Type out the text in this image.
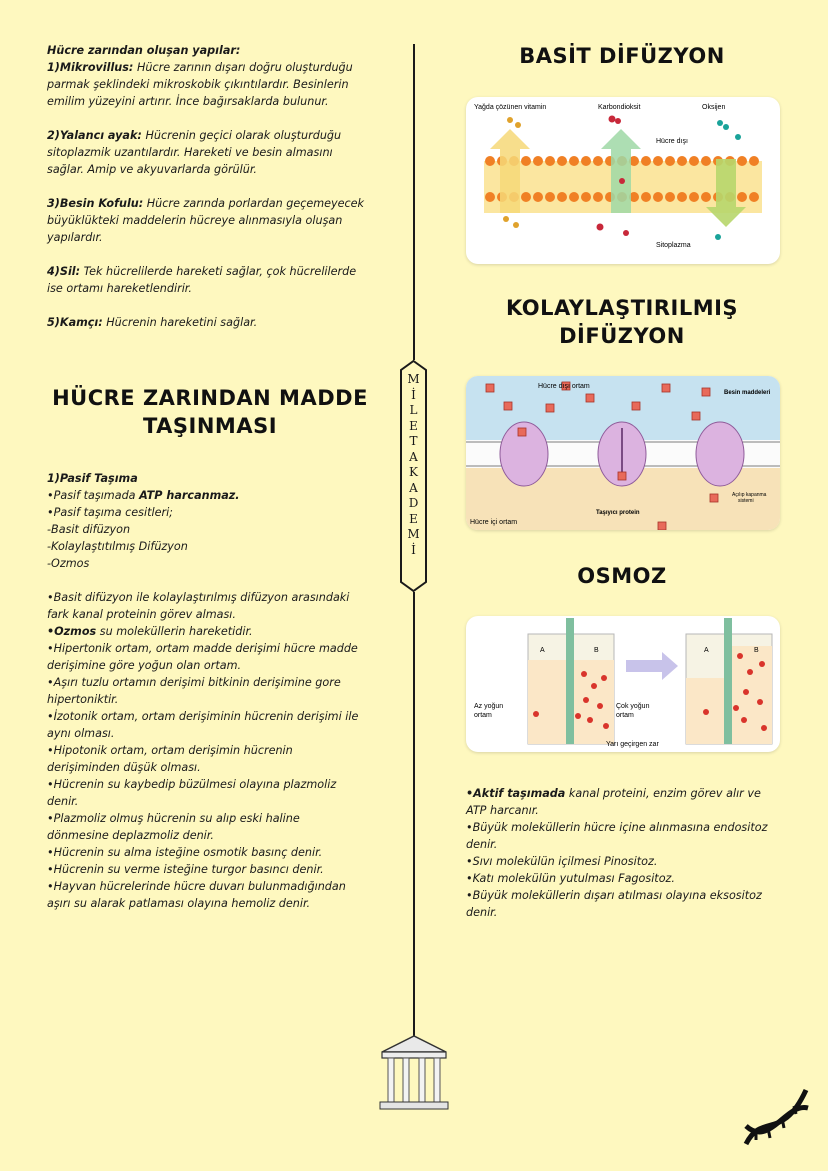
Hücre zarından oluşan yapılar:

1)Mikrovillus: Hücre zarının dışarı doğru oluşturduğu parmak şeklindeki mikroskobik çıkıntılardır. Besinlerin emilim yüzeyini artırır. İnce bağırsaklarda bulunur.

2)Yalancı ayak: Hücrenin geçici olarak oluşturduğu sitoplazmik uzantılardır. Hareketi ve besin almasını sağlar. Amip ve akyuvarlarda görülür.

3)Besin Kofulu: Hücre zarında porlardan geçemeyecek büyüklükteki maddelerin hücreye alınmasıyla oluşan yapılardır.

4)Sil: Tek hücrelilerde hareketi sağlar, çok hücrelilerde ise ortamı hareketlendirir.

5)Kamçı: Hücrenin hareketini sağlar.

HÜCRE ZARINDAN MADDE
TAŞINMASI

1)Pasif Taşıma

•Pasif taşımada ATP harcanmaz.

•Pasif taşıma cesitleri;

-Basit difüzyon

-Kolaylaştıtılmış Difüzyon

-Ozmos

•Basit difüzyon ile kolaylaştırılmış difüzyon arasındaki fark kanal proteinin görev alması.

•Ozmos su moleküllerin hareketidir.

•Hipertonik ortam, ortam madde derişimi hücre madde derişimine göre yoğun olan ortam.

•Aşırı tuzlu ortamın derişimi bitkinin derişimine gore hipertoniktir.

•İzotonik ortam, ortam derişiminin hücrenin derişimi ile aynı olması.

•Hipotonik ortam, ortam derişimin hücrenin derişiminden düşük olması.

•Hücrenin su kaybedip büzülmesi olayına plazmoliz denir.

•Plazmoliz olmuş hücrenin su alıp eski haline dönmesine deplazmoliz denir.

•Hücrenin su alma isteğine osmotik basınç denir.

•Hücrenin su verme isteğine turgor basıncı denir.

•Hayvan hücrelerinde hücre duvarı bulunmadığından aşırı su alarak patlaması olayına hemoliz denir.

M
İ
L
E
T
A
K
A
D
E
M
İ
BASİT DİFÜZYON
Yağda çözünen vitamin	Karbondioksit	Oksijen
Hücre dışı
Sitoplazma
KOLAYLAŞTIRILMIŞ
DİFÜZYON
Hücre dışı ortam
Besin maddeleri
Hücre içi ortam
Taşıyıcı protein
Açılıp kapanma
sistemi
OSMOZ
A	B	A	B
Az yoğun
ortam
Çok yoğun
ortam
Yarı geçirgen zar

•Aktif taşımada kanal proteini, enzim görev alır ve ATP harcanır.

•Büyük moleküllerin hücre içine alınmasına endositoz denir.

•Sıvı molekülün içilmesi Pinositoz.

•Katı molekülün yutulması Fagositoz.

•Büyük moleküllerin dışarı atılması olayına eksositoz denir.
